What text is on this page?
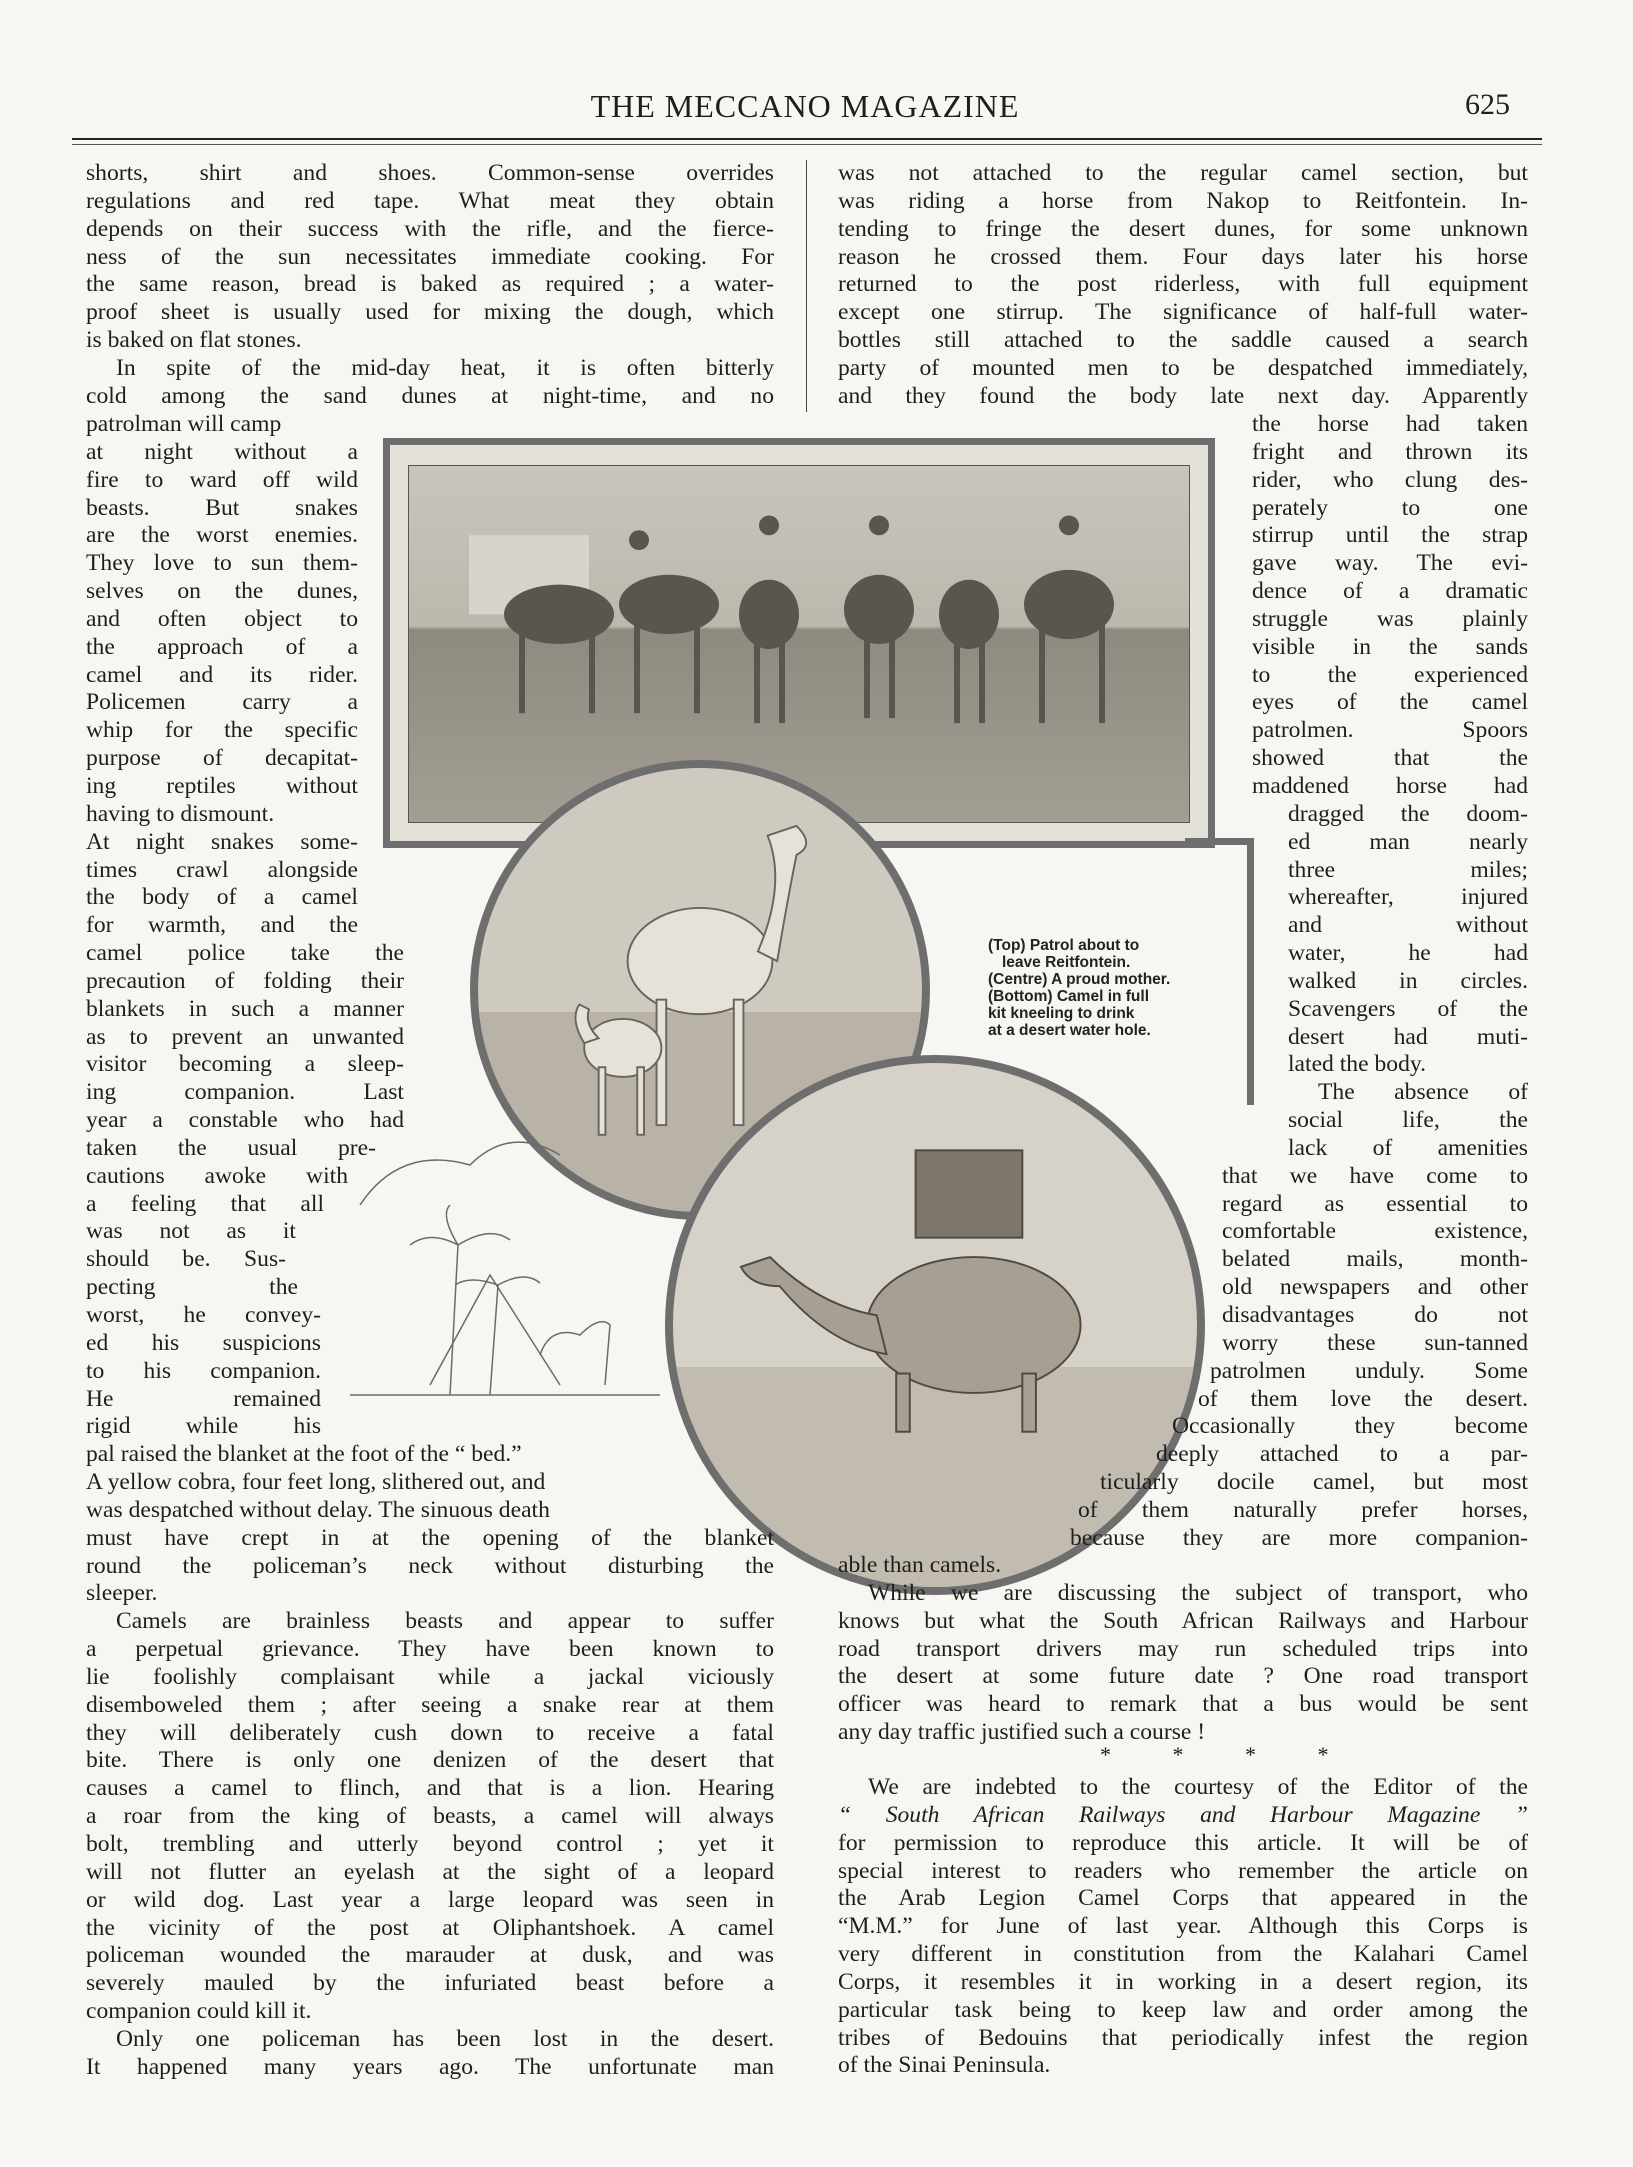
THE MECCANO MAGAZINE	625
(Top) Patrol about to
leave Reitfontein.
(Centre) A proud mother.
(Bottom) Camel in full
kit kneeling to drink
at a desert water hole.
shorts, shirt and shoes. Common-sense overrides
regulations and red tape. What meat they obtain
depends on their success with the rifle, and the fierce-
ness of the sun necessitates immediate cooking. For
the same reason, bread is baked as required ; a water-
proof sheet is usually used for mixing the dough, which
is baked on flat stones.
In spite of the mid-day heat, it is often bitterly
cold among the sand dunes at night-time, and no
patrolman will camp
at night without a
fire to ward off wild
beasts. But snakes
are the worst enemies.
They love to sun them-
selves on the dunes,
and often object to
the approach of a
camel and its rider.
Policemen carry a
whip for the specific
purpose of decapitat-
ing reptiles without
having to dismount.
At night snakes some-
times crawl alongside
the body of a camel
for warmth, and the
camel police take the
precaution of folding their
blankets in such a manner
as to prevent an unwanted
visitor becoming a sleep-
ing companion. Last
year a constable who had
taken the usual pre-
cautions awoke with
a feeling that all
was not as it
should be. Sus-
pecting the
worst, he convey-
ed his suspicions
to his companion.
He remained
rigid while his
pal raised the blanket at the foot of the “ bed.”
A yellow cobra, four feet long, slithered out, and
was despatched without delay. The sinuous death
must have crept in at the opening of the blanket
round the policeman’s neck without disturbing the
sleeper.
Camels are brainless beasts and appear to suffer
a perpetual grievance. They have been known to
lie foolishly complaisant while a jackal viciously
disemboweled them ; after seeing a snake rear at them
they will deliberately cush down to receive a fatal
bite. There is only one denizen of the desert that
causes a camel to flinch, and that is a lion. Hearing
a roar from the king of beasts, a camel will always
bolt, trembling and utterly beyond control ; yet it
will not flutter an eyelash at the sight of a leopard
or wild dog. Last year a large leopard was seen in
the vicinity of the post at Oliphantshoek. A camel
policeman wounded the marauder at dusk, and was
severely mauled by the infuriated beast before a
companion could kill it.
Only one policeman has been lost in the desert.
It happened many years ago. The unfortunate man
was not attached to the regular camel section, but
was riding a horse from Nakop to Reitfontein. In-
tending to fringe the desert dunes, for some unknown
reason he crossed them. Four days later his horse
returned to the post riderless, with full equipment
except one stirrup. The significance of half-full water-
bottles still attached to the saddle caused a search
party of mounted men to be despatched immediately,
and they found the body late next day. Apparently
the horse had taken
fright and thrown its
rider, who clung des-
perately to one
stirrup until the strap
gave way. The evi-
dence of a dramatic
struggle was plainly
visible in the sands
to the experienced
eyes of the camel
patrolmen. Spoors
showed that the
maddened horse had
dragged the doom-
ed man nearly
three miles;
whereafter, injured
and without
water, he had
walked in circles.
Scavengers of the
desert had muti-
lated the body.
The absence of
social life, the
lack of amenities
that we have come to
regard as essential to
comfortable existence,
belated mails, month-
old newspapers and other
disadvantages do not
worry these sun-tanned
patrolmen unduly. Some
of them love the desert.
Occasionally they become
deeply attached to a par-
ticularly docile camel, but most
of them naturally prefer horses,
because they are more companion-
able than camels.
While we are discussing the subject of transport, who
knows but what the South African Railways and Harbour
road transport drivers may run scheduled trips into
the desert at some future date ? One road transport
officer was heard to remark that a bus would be sent
any day traffic justified such a course !
* * * *
We are indebted to the courtesy of the Editor of the
“ South African Railways and Harbour Magazine ”
for permission to reproduce this article. It will be of
special interest to readers who remember the article on
the Arab Legion Camel Corps that appeared in the
“M.M.” for June of last year. Although this Corps is
very different in constitution from the Kalahari Camel
Corps, it resembles it in working in a desert region, its
particular task being to keep law and order among the
tribes of Bedouins that periodically infest the region
of the Sinai Peninsula.
